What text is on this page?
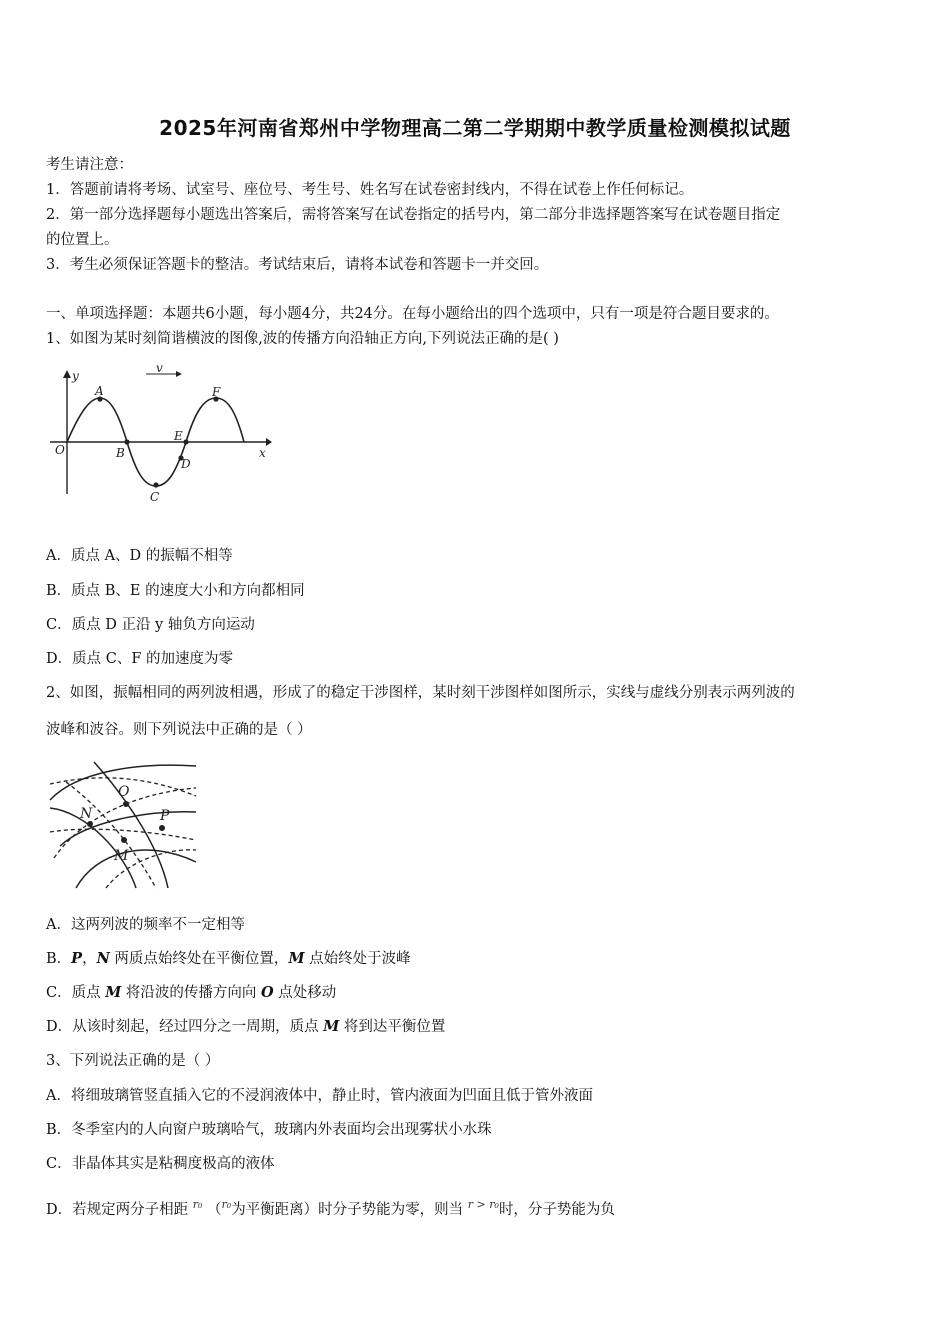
2025年河南省郑州中学物理高二第二学期期中教学质量检测模拟试题
考生请注意：
1．答题前请将考场、试室号、座位号、考生号、姓名写在试卷密封线内，不得在试卷上作任何标记。
2．第一部分选择题每小题选出答案后，需将答案写在试卷指定的括号内，第二部分非选择题答案写在试卷题目指定
的位置上。
3．考生必须保证答题卡的整洁。考试结束后，请将本试卷和答题卡一并交回。
一、单项选择题：本题共6小题，每小题4分，共24分。在每小题给出的四个选项中，只有一项是符合题目要求的。
1、如图为某时刻简谐横波的图像,波的传播方向沿轴正方向,下列说法正确的是( )
y
v
x
O
A
B
C
D
E
F
A．质点 A、D 的振幅不相等
B．质点 B、E 的速度大小和方向都相同
C．质点 D 正沿 y 轴负方向运动
D．质点 C、F 的加速度为零
2、如图，振幅相同的两列波相遇，形成了的稳定干涉图样，某时刻干涉图样如图所示，实线与虚线分别表示两列波的
波峰和波谷。则下列说法中正确的是（ ）
O
N	P
M
A．这两列波的频率不一定相等
B．P，N 两质点始终处在平衡位置，M 点始终处于波峰
C．质点 M 将沿波的传播方向向 O 点处移动
D．从该时刻起，经过四分之一周期，质点 M 将到达平衡位置
3、下列说法正确的是（ ）
A．将细玻璃管竖直插入它的不浸润液体中，静止时，管内液面为凹面且低于管外液面
B．冬季室内的人向窗户玻璃哈气，玻璃内外表面均会出现雾状小水珠
C．非晶体其实是粘稠度极高的液体
D．若规定两分子相距 $^{r_0}$ （$^{r_0}$为平衡距离）时分子势能为零，则当 $^{r > r_0}$时，分子势能为负
